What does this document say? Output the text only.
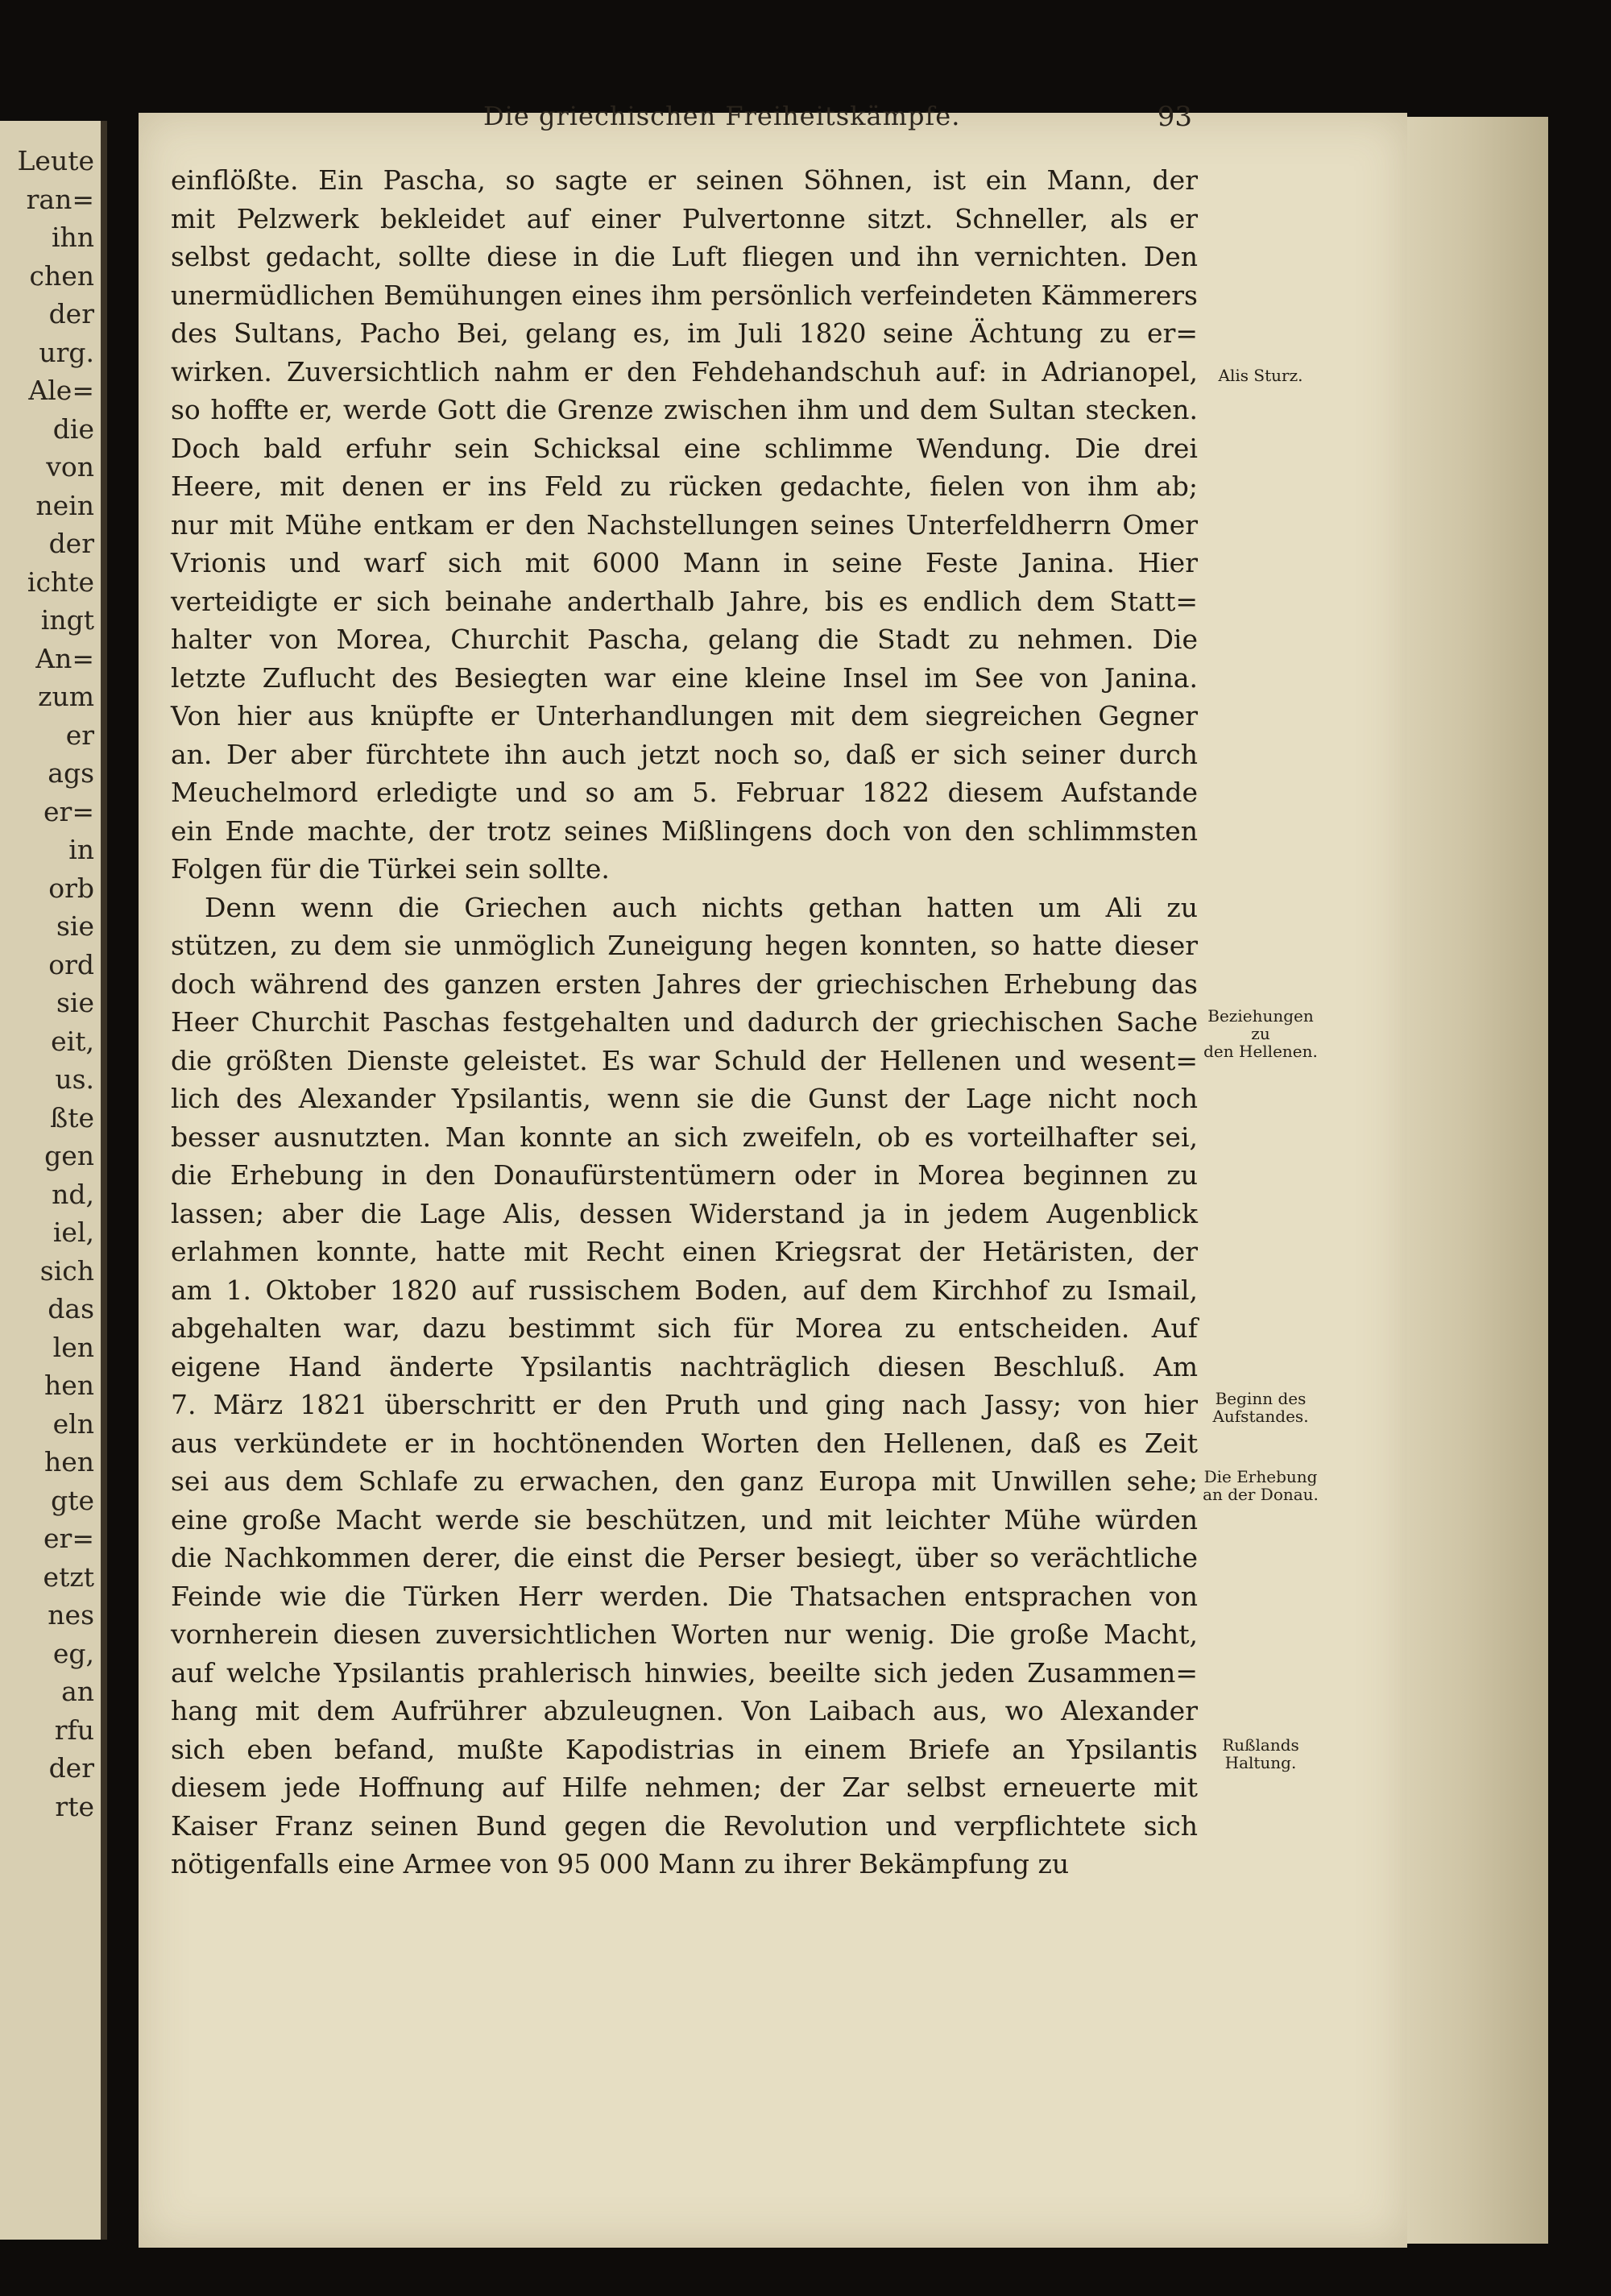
Leute
ran=
ihn
chen
der
urg.
Ale=
die
von
nein
der
ichte
ingt
An=
zum
er
ags
er=
in
orb
sie
ord
sie
eit,
us.
ßte
gen
nd,
iel,
sich
das
len
hen
eln
hen
gte
er=
etzt
nes
eg,
an
rfu
der
rte
Die griechischen Freiheitskämpfe.	93
einflößte. Ein Pascha, so sagte er seinen Söhnen, ist ein Mann, der
mit Pelzwerk bekleidet auf einer Pulvertonne sitzt. Schneller, als er
selbst gedacht, sollte diese in die Luft fliegen und ihn vernichten. Den
unermüdlichen Bemühungen eines ihm persönlich verfeindeten Kämmerers
des Sultans, Pacho Bei, gelang es, im Juli 1820 seine Ächtung zu er=
wirken. Zuversichtlich nahm er den Fehdehandschuh auf: in Adrianopel,
so hoffte er, werde Gott die Grenze zwischen ihm und dem Sultan stecken.
Doch bald erfuhr sein Schicksal eine schlimme Wendung. Die drei
Heere, mit denen er ins Feld zu rücken gedachte, fielen von ihm ab;
nur mit Mühe entkam er den Nachstellungen seines Unterfeldherrn Omer
Vrionis und warf sich mit 6000 Mann in seine Feste Janina. Hier
verteidigte er sich beinahe anderthalb Jahre, bis es endlich dem Statt=
halter von Morea, Churchit Pascha, gelang die Stadt zu nehmen. Die
letzte Zuflucht des Besiegten war eine kleine Insel im See von Janina.
Von hier aus knüpfte er Unterhandlungen mit dem siegreichen Gegner
an. Der aber fürchtete ihn auch jetzt noch so, daß er sich seiner durch
Meuchelmord erledigte und so am 5. Februar 1822 diesem Aufstande
ein Ende machte, der trotz seines Mißlingens doch von den schlimmsten
Folgen für die Türkei sein sollte.
Denn wenn die Griechen auch nichts gethan hatten um Ali zu
stützen, zu dem sie unmöglich Zuneigung hegen konnten, so hatte dieser
doch während des ganzen ersten Jahres der griechischen Erhebung das
Heer Churchit Paschas festgehalten und dadurch der griechischen Sache
die größten Dienste geleistet. Es war Schuld der Hellenen und wesent=
lich des Alexander Ypsilantis, wenn sie die Gunst der Lage nicht noch
besser ausnutzten. Man konnte an sich zweifeln, ob es vorteilhafter sei,
die Erhebung in den Donaufürstentümern oder in Morea beginnen zu
lassen; aber die Lage Alis, dessen Widerstand ja in jedem Augenblick
erlahmen konnte, hatte mit Recht einen Kriegsrat der Hetäristen, der
am 1. Oktober 1820 auf russischem Boden, auf dem Kirchhof zu Ismail,
abgehalten war, dazu bestimmt sich für Morea zu entscheiden. Auf
eigene Hand änderte Ypsilantis nachträglich diesen Beschluß. Am
7. März 1821 überschritt er den Pruth und ging nach Jassy; von hier
aus verkündete er in hochtönenden Worten den Hellenen, daß es Zeit
sei aus dem Schlafe zu erwachen, den ganz Europa mit Unwillen sehe;
eine große Macht werde sie beschützen, und mit leichter Mühe würden
die Nachkommen derer, die einst die Perser besiegt, über so verächtliche
Feinde wie die Türken Herr werden. Die Thatsachen entsprachen von
vornherein diesen zuversichtlichen Worten nur wenig. Die große Macht,
auf welche Ypsilantis prahlerisch hinwies, beeilte sich jeden Zusammen=
hang mit dem Aufrührer abzuleugnen. Von Laibach aus, wo Alexander
sich eben befand, mußte Kapodistrias in einem Briefe an Ypsilantis
diesem jede Hoffnung auf Hilfe nehmen; der Zar selbst erneuerte mit
Kaiser Franz seinen Bund gegen die Revolution und verpflichtete sich
nötigenfalls eine Armee von 95 000 Mann zu ihrer Bekämpfung zu
Alis Sturz.
Beziehungen zu
den Hellenen.
Beginn des
Aufstandes.
Die Erhebung
an der Donau.
Rußlands
Haltung.
